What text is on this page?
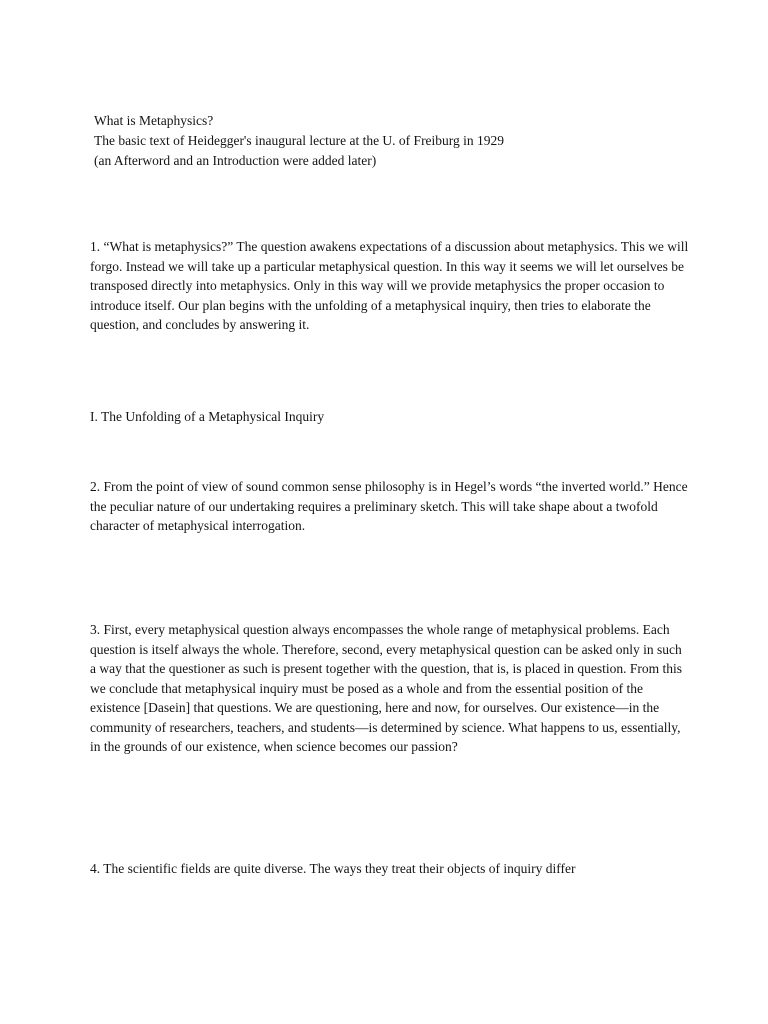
What is Metaphysics?
The basic text of Heidegger's inaugural lecture at the U. of Freiburg in 1929
(an Afterword and an Introduction were added later)

1. “What is metaphysics?” The question awakens expectations of a discussion about metaphysics. This we will forgo. Instead we will take up a particular metaphysical question. In this way it seems we will let ourselves be transposed directly into metaphysics. Only in this way will we provide metaphysics the proper occasion to introduce itself. Our plan begins with the unfolding of a metaphysical inquiry, then tries to elaborate the question, and concludes by answering it.

I. The Unfolding of a Metaphysical Inquiry

2. From the point of view of sound common sense philosophy is in Hegel’s words “the inverted world.” Hence the peculiar nature of our undertaking requires a preliminary sketch. This will take shape about a twofold character of metaphysical interrogation.

3. First, every metaphysical question always encompasses the whole range of metaphysical problems. Each question is itself always the whole. Therefore, second, every metaphysical question can be asked only in such a way that the questioner as such is present together with the question, that is, is placed in question. From this we conclude that metaphysical inquiry must be posed as a whole and from the essential position of the existence [Dasein] that questions. We are questioning, here and now, for ourselves. Our existence—in the community of researchers, teachers, and students—is determined by science. What happens to us, essentially, in the grounds of our existence, when science becomes our passion?

4. The scientific fields are quite diverse. The ways they treat their objects of inquiry differ
